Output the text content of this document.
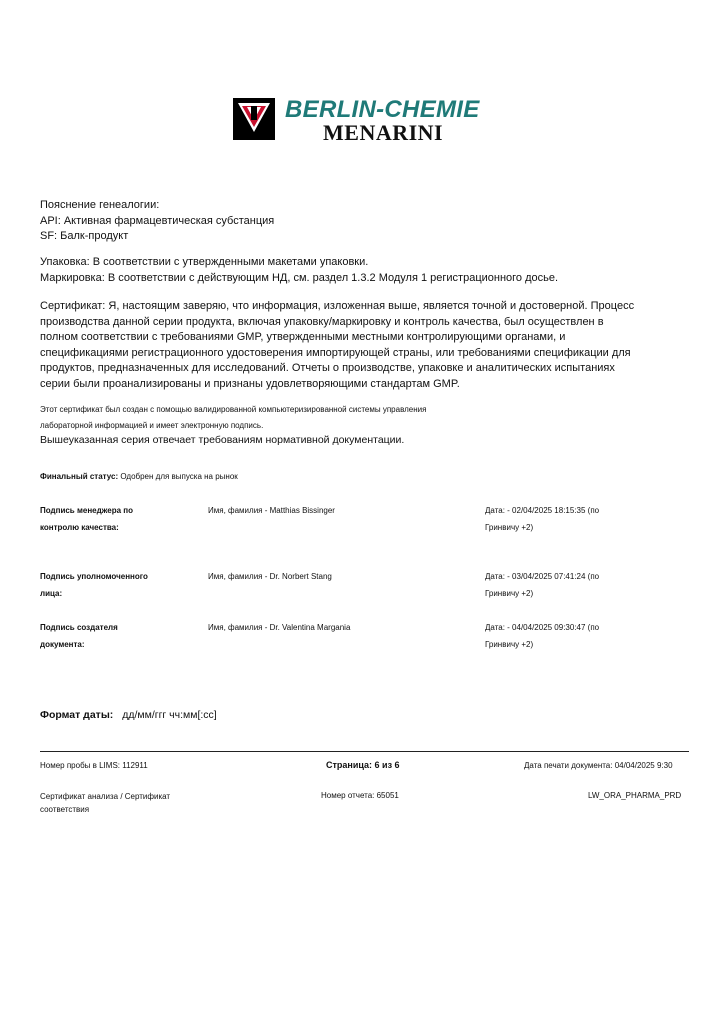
BERLIN-CHEMIE
MENARINI
Пояснение генеалогии:
API: Активная фармацевтическая субстанция
SF: Балк-продукт
Упаковка: В соответствии с утвержденными макетами упаковки.
Маркировка: В соответствии с действующим НД, см. раздел 1.3.2 Модуля 1 регистрационного досье.
Сертификат: Я, настоящим заверяю, что информация, изложенная выше, является точной и достоверной. Процесс
производства данной серии продукта, включая упаковку/маркировку и контроль качества, был осуществлен в
полном соответствии с требованиями GMP, утвержденными местными контролирующими органами, и
спецификациями регистрационного удостоверения импортирующей страны, или требованиями спецификации для
продуктов, предназначенных для исследований. Отчеты о производстве, упаковке и аналитических испытаниях
серии были проанализированы и признаны удовлетворяющими стандартам GMP.
Этот сертификат был создан с помощью валидированной компьютеризированной системы управления
лабораторной информацией и имеет электронную подпись.
Вышеуказанная серия отвечает требованиям нормативной документации.
Финальный статус: Одобрен для выпуска на рынок
Подпись менеджера по
контролю качества:
Имя, фамилия - Matthias Bissinger	Дата: - 02/04/2025 18:15:35 (по
Гринвичу +2)
Подпись уполномоченного
лица:
Имя, фамилия - Dr. Norbert Stang	Дата: - 03/04/2025 07:41:24 (по
Гринвичу +2)
Подпись создателя
документа:
Имя, фамилия - Dr. Valentina Margania	Дата: - 04/04/2025 09:30:47 (по
Гринвичу +2)
Формат даты: дд/мм/ггг чч:мм[:сс]
Номер пробы в LIMS: 112911	Страница: 6 из 6	Дата печати документа: 04/04/2025 9:30
Сертификат анализа / Сертификат
соответствия
Номер отчета: 65051	LW_ORA_PHARMA_PRD
